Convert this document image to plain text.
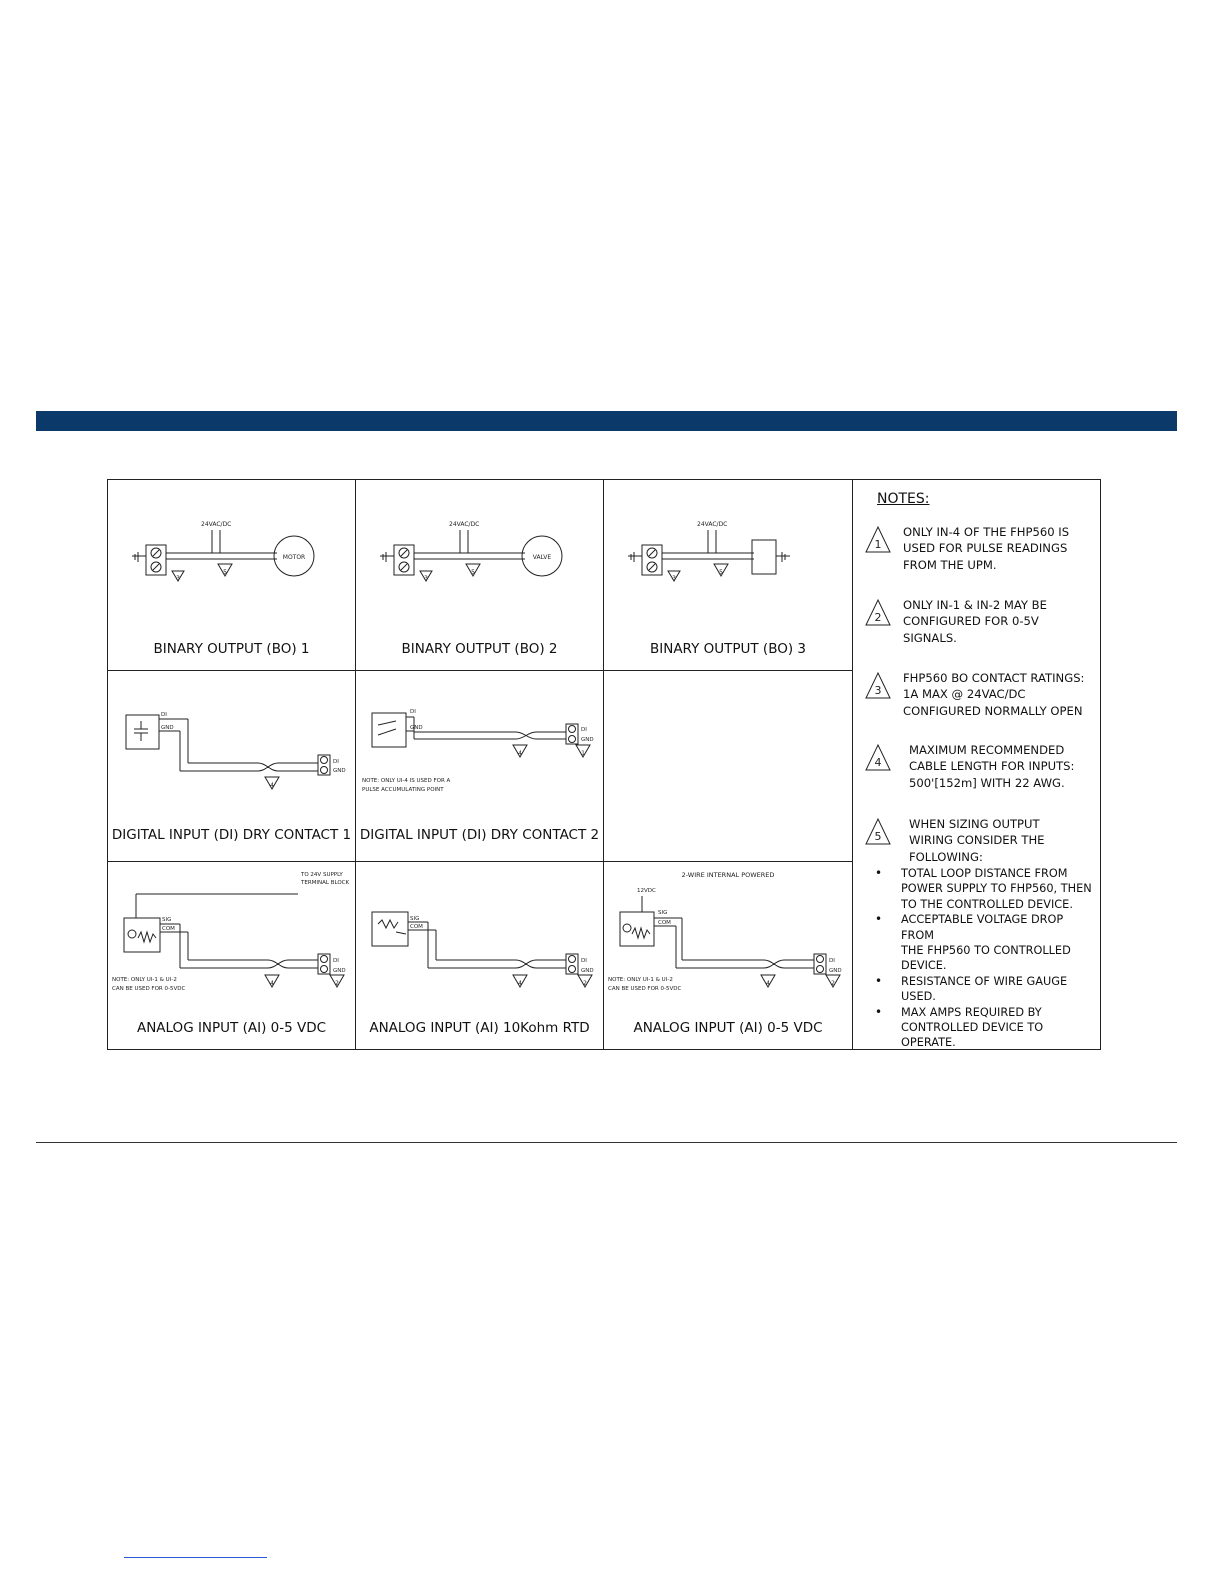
24VAC/DC
MOTOR
3
5
BINARY OUTPUT (BO) 1
24VAC/DC
VALVE
3
5
BINARY OUTPUT (BO) 2
24VAC/DC
3
5
BINARY OUTPUT (BO) 3
DI
GND
DI
GND
4
DIGITAL INPUT (DI) DRY CONTACT 1
DI
GND	DI
GND
4	1
NOTE: ONLY UI-4 IS USED FOR A
PULSE ACCUMULATING POINT
DIGITAL INPUT (DI) DRY CONTACT 2
TO 24V SUPPLY
TERMINAL BLOCK
SIG
COM
DI
GND
4	2
NOTE: ONLY UI-1 & UI-2
CAN BE USED FOR 0-5VDC
ANALOG INPUT (AI) 0-5 VDC
SIG
COM
DI
GND
4	2
ANALOG INPUT (AI) 10Kohm RTD
2-WIRE INTERNAL POWERED
12VDC
SIG
COM
DI
GND
4	2
NOTE: ONLY UI-1 & UI-2
CAN BE USED FOR 0-5VDC
ANALOG INPUT (AI) 0-5 VDC
NOTES:
1
ONLY IN-4 OF THE FHP560 IS
USED FOR PULSE READINGS
FROM THE UPM.
2
ONLY IN-1 & IN-2 MAY BE
CONFIGURED FOR 0-5V
SIGNALS.
3
FHP560 BO CONTACT RATINGS:
1A MAX @ 24VAC/DC
CONFIGURED NORMALLY OPEN
4
MAXIMUM RECOMMENDED
CABLE LENGTH FOR INPUTS:
500'[152m] WITH 22 AWG.
5
WHEN SIZING OUTPUT
WIRING CONSIDER THE
FOLLOWING:
• TOTAL LOOP DISTANCE FROM
POWER SUPPLY TO FHP560, THEN
TO THE CONTROLLED DEVICE.
• ACCEPTABLE VOLTAGE DROP FROM
THE FHP560 TO CONTROLLED
DEVICE.
• RESISTANCE OF WIRE GAUGE
USED.
• MAX AMPS REQUIRED BY
CONTROLLED DEVICE TO OPERATE.
